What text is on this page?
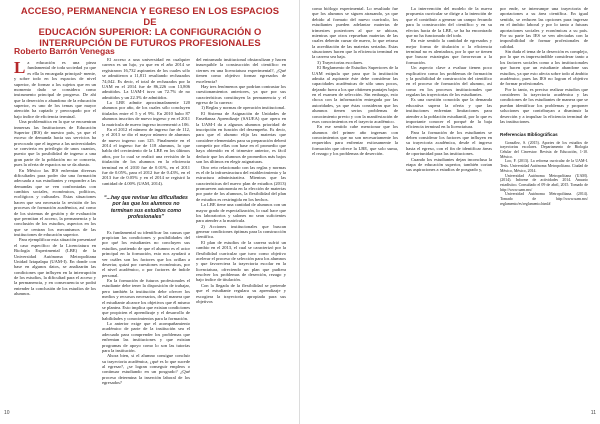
ACCESO, PERMANENCIA Y EGRESO EN LOS ESPACIOS DE
EDUCACIÓN SUPERIOR: LA CONFIGURACIÓN O
INTERRUPCIÓN DE FUTUROS PROFESIONALES
Roberto Barrón Venegas

La educación es una pieza fundamental de toda sociedad ya que es ella la encargada principal- mente, y sobre todo en los espacios de nivel superior, de formar a los sujetos que en un momento dado se considera como instrumento principal de progreso. De ahí que la deserción o abandono de la educación superior, es uno de los temas que mayor atención ha captado y preocupado por el bajo índice de eficiencia terminal.

Una problemática en la que se encuentran inmersas las Instituciones de Educación Superior (IES) de nuestro país, ya que el exceso de demanda hacia sus servicios ha provocado que el ingreso a las universidades se convierta en privilegio de unos cuantos, puesto que la posibilidad de ingreso a una gran parte de la población no se concreta, pues la oferta de espacios no se da abasto.

En México las IES enfrentan diversas dificultades para poder dar una formación adecuada a sus estudiantes y responder a las demandas que se ven confrontadas con cambios sociales, económicos, políticos, ecológicos y culturales. Estas situaciones hacen que sea necesaria la revisión de los procesos de formación académica, así como de los sistemas de gestión y de evaluación que permitan el acceso, la permanencia y la conclusión de los estudios, aspectos en los que se centran los mecanismos de las instituciones de educación superior.

Para ejemplificar esta situación presentaré el caso específico de la Licenciatura en Biología Experimental (LBE) de la Universidad Autónoma Metropolitana Unidad Iztapalapa (UAM-I). En donde con base en algunos datos, se analizarán las condiciones que influyen en la interrupción de los estudios, la dificultad para el acceso y la permanencia, y en consecuencia se podrá entender la conclusión de los estudios de los alumnos.

El acceso a una universidad en cualquier carrera es un lujo, ya que en el año 2014 se registraron 16,732 aspirantes de los cuales sólo se admitieron a 11,811 resultando rechazados 74,042. Es decir, el total de rechazados por la UAM en el 2014 fue de 86,226 con 13,806 admitidos. La UAM-I tuvo un 72.7% de no admitidos y un 22.3% de admitidos.

La LBE admite aproximadamente 120 alumnos por año, de los cuales sólo concluyen titulados entre el 5 y el 9%. En 2010 hubo 87 alumnos inscritos de nuevo ingreso y en el 2011 la matrícula de nuevo ingreso incrementó a 106.

En el 2012 el número de ingreso fue de 112, y el 2013 se dio el mayor número de alumnos de nuevo ingreso con 125. Finalmente en el 2014 el ingreso fue de 118 alumnos, lo que habla del crecimiento de la LBE en los últimos años, por lo cual se realizó una revisión de la titulación de los alumnos en la eficiencia terminal en el 2010 fue de 0.01%, en el 2011 fue de 0.05%, para el 2012 fue de 0.43%, en el 2013 fue de 0.05% y en el 2014 se registró la cantidad de 4.00% (UAM, 2014).

“...hay que revisar las dificultades por las que los alumnos no terminan sus estudios como profesionales”

Es fundamental su identificar las causas que propician las condiciones y posibilidades del por qué los estudiantes no concluyen sus estudios, partiendo de que el alumno es el actor principal en la formación, esto nos ayudará a ver cuáles son los factores que los orillan a desertar, quizá por cuestiones económicas, por el nivel académico, o por factores de índole personal.

En la formación de futuros profesionales el estudiante debe tener la disposición de trabajar, pero también la institución debe ofrecer los medios y recursos necesarios, de tal manera que el estudiante alcance los objetivos que él mismo se plantea. Esto implica que existan condiciones que propicien el aprendizaje y el desarrollo de habilidades y conocimientos para la formación.

Lo anterior exige que el acompañamiento académico de parte de la institución sea el adecuado para comprender los problemas que enfrentan las instituciones y que existan programas de apoyo como lo son las tutorías para la institución.

Ahora bien, si el alumno consigue concluir su trayectoria académica, ¿qué es lo que sucede al egresar?, ¿se logran conseguir empleos o continuar estudiando en un posgrado? ¿Qué proceso determina la inserción laboral de los egresados?

del entramado institucional obstaculizan y hacen inasequible la construcción del científico en ciernes en una licenciatura experimental?, ¿Qué tienen como objetivo formar egresados de excelencia?

Hay tres fenómenos que podrían contrastar los cuestionamientos anteriores, ya que por sus características constituyen la permanencia y el egreso de la carrera:

1) Reglas y normas de operación institucional.

El Sistema de Asignación de Unidades de Enseñanza Aprendizaje (SAUEA) que opera en la UAM-I da a algunos alumnos prioridad de inscripción en función del desempeño. Es decir, para que el alumno elija las materias que considere elementales para su preparación deberá competir por ellas con base en el promedio que haya obtenido en el trimestre anterior, es fácil deducir que los alumnos de promedios más bajos son los últimos en elegir asignaturas.

Otro reto relacionado con las reglas y normas es el de la infraestructura del establecimiento y la estructura administrativa. Mientras que las características del nuevo plan de estudios (2013) promueven autonomía en la elección de materias por parte de los alumnos, la flexibilidad del plan de estudios es restringida en los hechos.

La LBE tiene una cantidad de alumnos con un mayor grado de especialización, lo cual hace que los laboratorios y salones no sean suficientes para atender a la matrícula.

2) Acciones institucionales que buscan generar condiciones óptimas para la construcción científica.

El plan de estudios de la carrera sufrió un cambio en el 2013, el cual se caracterizó por la flexibilidad curricular que tuvo como objetivo acelerar el proceso de selección para los alumnos y que favoreciera la trayectoria escolar en la licenciatura, ofreciendo un plan que pudiera resolver los problemas de deserción, rezago y bajo índice de titulación.

Con la llegada de la flexibilidad se pretende que el estudiante regulara su aprendizaje y escogiera la trayectoria apropiada para sus objetivos

10

como biólogo experimental. Lo resultado fue que los alumnos se siguen atrasando, ya que debido al formato del nuevo currículo, los estudiantes pueden adelantar materias de trimestres posteriores al que se ubican, mientras que otros reprueban materias de las cuales deberán cursar de nuevo, lo que retrasa la acreditación de las materias seriadas. Estas situaciones hacen que la eficiencia terminal en la carrera sea baja.

3) Trayectorias escolares.

El Reglamento de Estudios Superiores de la UAM estipula que para que la institución admita al aspirante éste debe considerar las capacidades académicas de sólo unos pocos, dejando fuera a los que obtienen puntajes bajos en el examen de selección. Sin embargo, esto choca con la información entregada por las autoridades, ya que éstas consideran que los alumnos tienen serios problemas de conocimiento previo y con la manifestación de esos conocimientos en el trayecto académico.

En ese sentido cabe mencionar que los alumnos del primer año ingresan con conocimientos que no son necesariamente los requeridos para enfrentar exitosamente la formación que ofrece la LBE, que solo suma, el rezago y los problemas de deserción.

La intervención del modelo de la nueva propuesta curricular se dirige a la intención de que el contribuir a generar un campo fecundo para la construcción del científico y en su efectos hacia de la LBE, se ha ha encontrado que no ha funcionado del todo.

En este sentido la cantidad de egresados y mejor forma de titulación o la eficiencia terminal no es alentadora, por lo que se tienen que buscar estrategias que favorezcan a la formación.

Un aspecto clave a evaluar tienen poco explicativo como los problemas de formación y la posibilidad de construcción del científico en el proceso de formación del alumno, así como en los procesos institucionales que regulan las trayectorias de los estudiantes.

Es una cuestión conocida que la demanda educativa supera la oferta y que las instituciones enfrentan limitaciones para atender a la población estudiantil, por lo que es importante conocer el porqué de la baja eficiencia terminal en la licenciatura.

Para la formación de los estudiantes se deben considerar los factores que influyen en su trayectoria académica, desde el ingreso hasta el egreso, con el fin de identificar áreas de oportunidad para las instituciones.

Cuando los estudiantes dejan inconclusa la etapa de educación superior, también cortan sus aspiraciones a estudios de posgrado y,

por ende, se interrumpe una trayectoria de aportaciones a su área científica. En igual sentido, se reducen las opciones para ingresar en el ámbito laboral y por lo tanto a futuras aportaciones sociales y económicas a su país. Por su parte las IES se ven afectadas con la imposibilidad de formar profesionales de calidad.

Sin duda el tema de la deserción es complejo, por lo que es imprescindible considerar tanto a los factores sociales como a los institucionales que hacen que un estudiante abandone sus estudios, ya que esto afecta sobre todo al ámbito académico, pues las IES no logran el objetivo de formar profesionales.

Por lo tanto, es preciso realizar estudios que consideren la trayectoria académica y las condiciones de los estudiantes de manera que se puedan identificar los problemas y proponer soluciones que contribuyan a disminuir la deserción y a impulsar la eficiencia terminal de las instituciones.

Referencias Bibliográficas

González, S. (2015). Aportes de los estudios de trayectorias escolares. Departamento de Biología Celular del Cinvestav. Revista de Educación, 1-10. México.

Loo, F. (2013). La reforma curricular de la UAM-I. Tesis. Universidad Autónoma Metropolitana. Ciudad de México, México, 2014.

Universidad Autónoma Metropolitana (UAM). (2014). Informe de actividades 2014. Anuario estadístico. Consultado el 09 de abril, 2015. Tomado de http://www.uam.mx/

Universidad Autónoma Metropolitana. (2014). Tomado de http://www.uam.mx/ reglamento/es/reglamento.html#

11
